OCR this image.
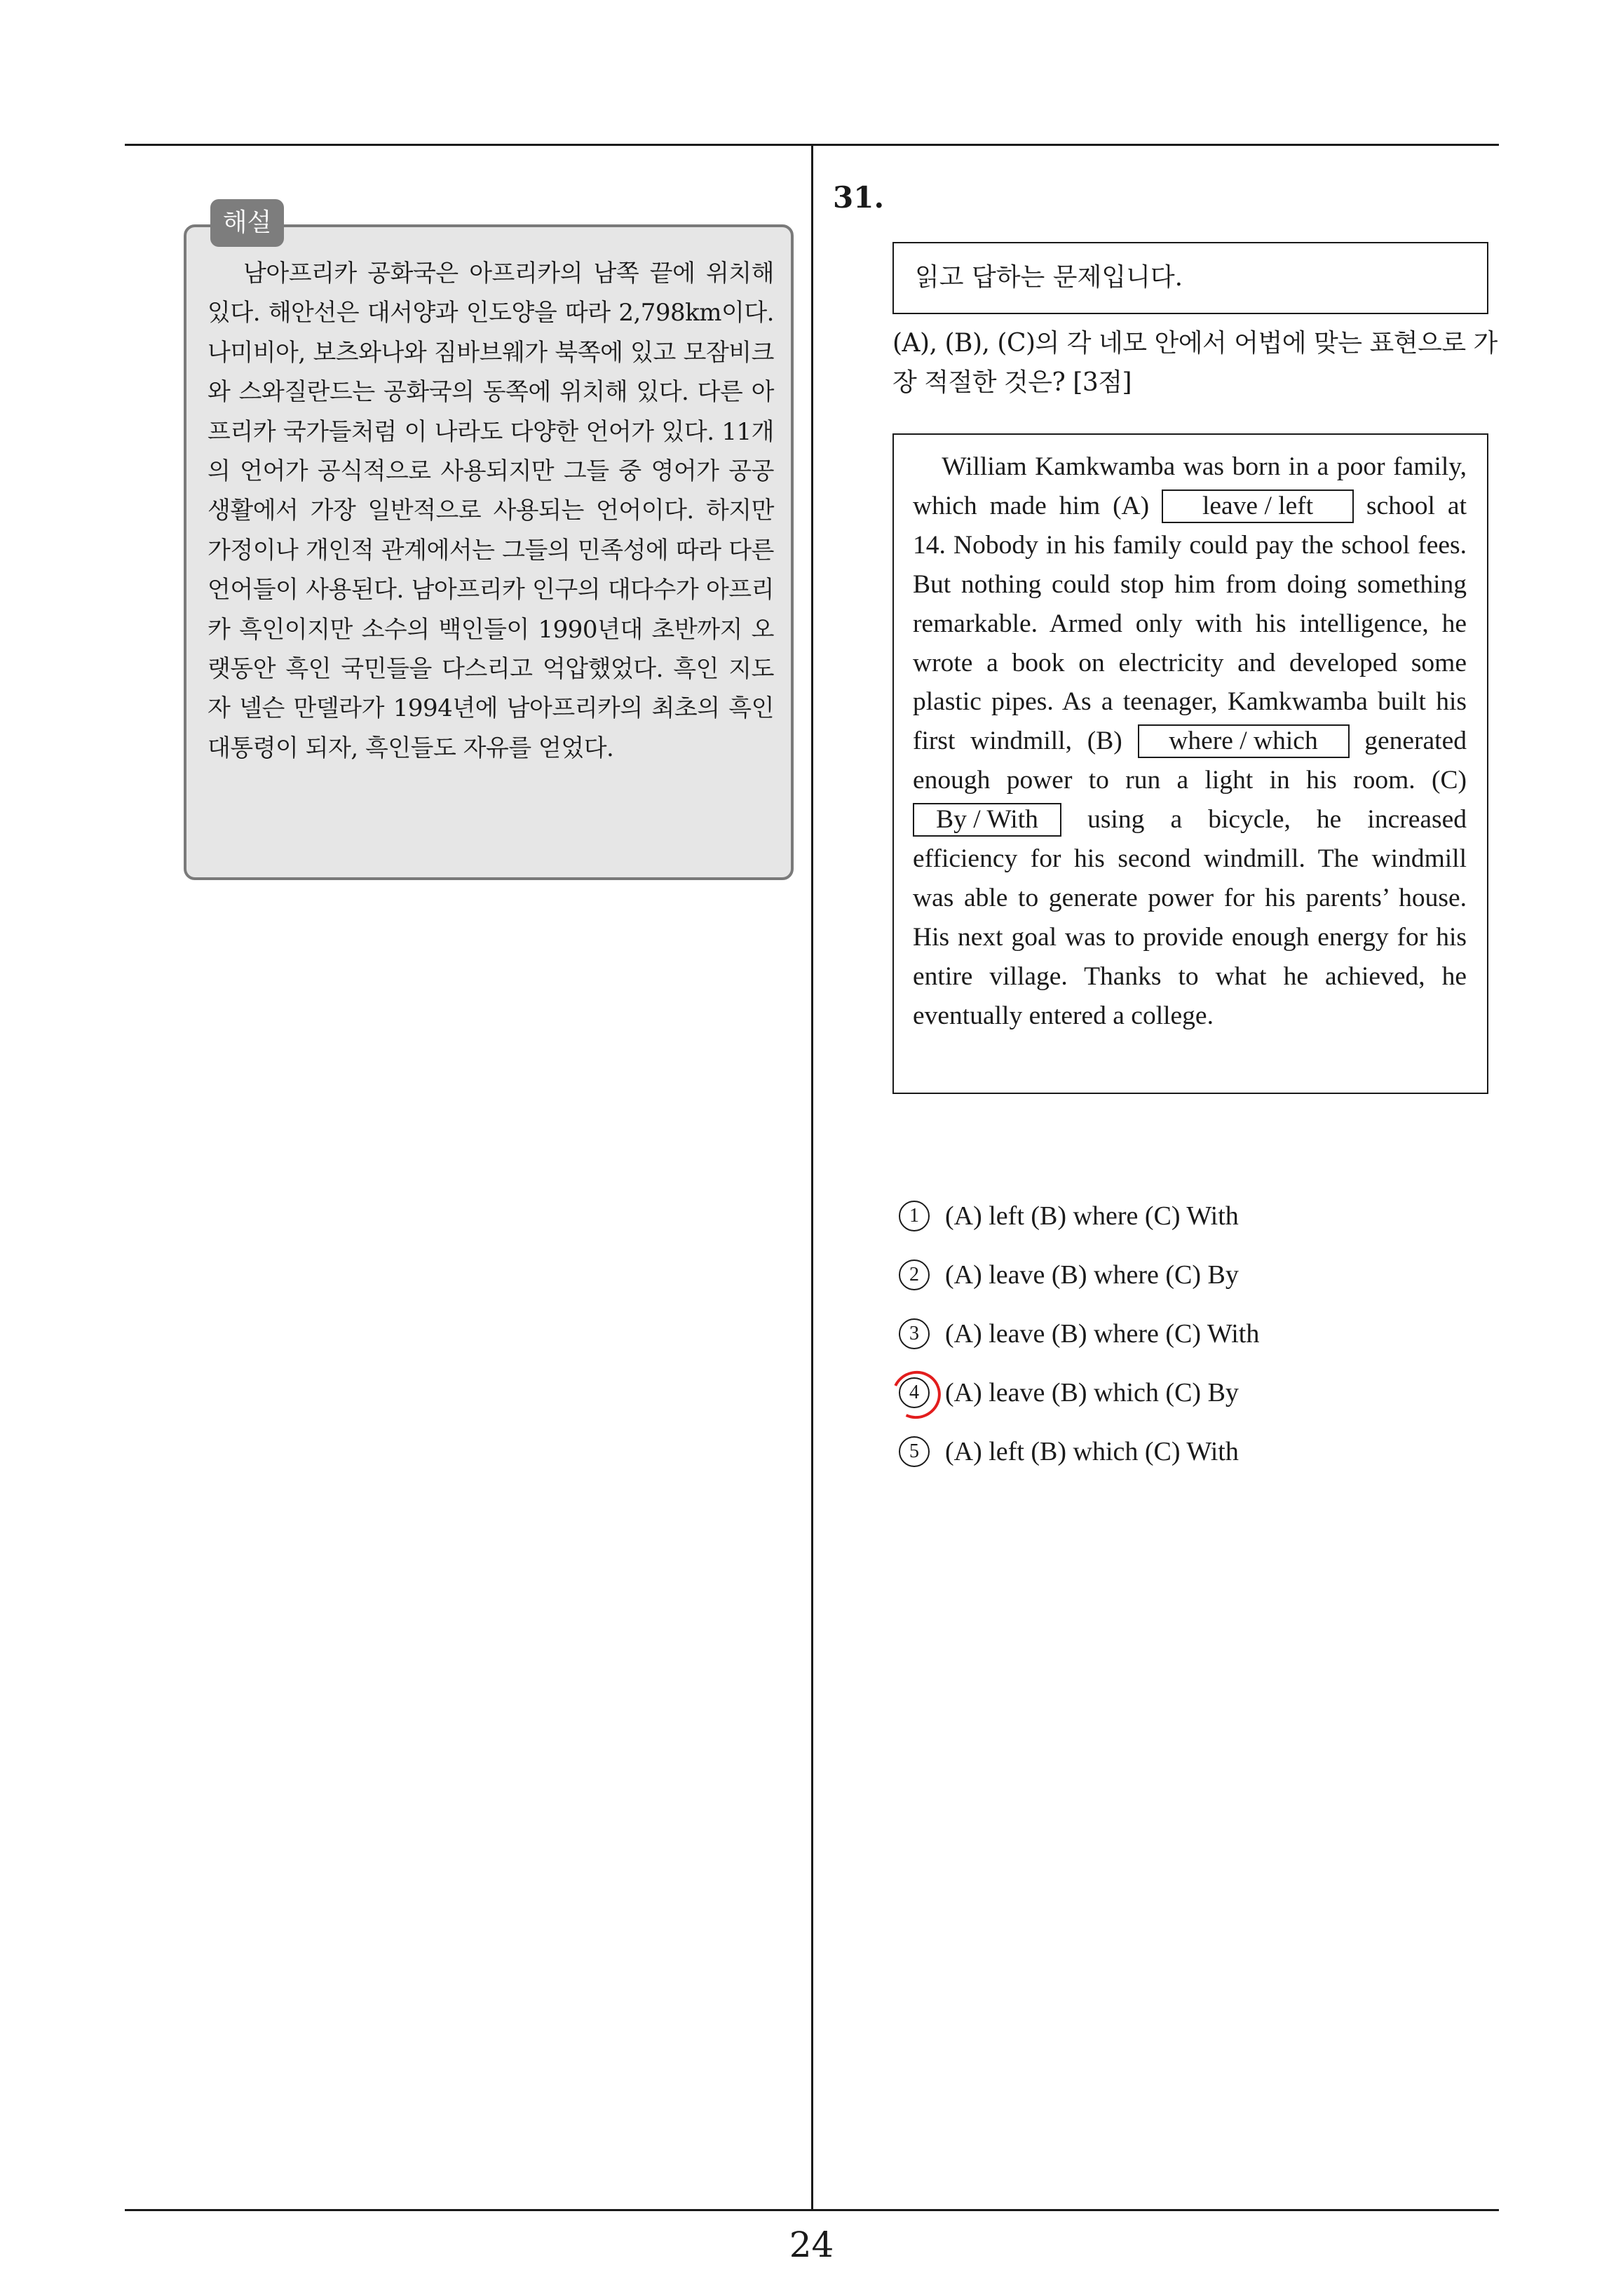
해설

남아프리카 공화국은 아프리카의 남쪽 끝에 위치해 있다. 해안선은 대서양과 인도양을 따라 2,798km이다. 나미비아, 보츠와나와 짐바브웨가 북쪽에 있고 모잠비크와 스와질란드는 공화국의 동쪽에 위치해 있다. 다른 아프리카 국가들처럼 이 나라도 다양한 언어가 있다. 11개의 언어가 공식적으로 사용되지만 그들 중 영어가 공공생활에서 가장 일반적으로 사용되는 언어이다. 하지만 가정이나 개인적 관계에서는 그들의 민족성에 따라 다른 언어들이 사용된다. 남아프리카 인구의 대다수가 아프리카 흑인이지만 소수의 백인들이 1990년대 초반까지 오랫동안 흑인 국민들을 다스리고 억압했었다. 흑인 지도자 넬슨 만델라가 1994년에 남아프리카의 최초의 흑인 대통령이 되자, 흑인들도 자유를 얻었다.

31.
읽고 답하는 문제입니다.

(A), (B), (C)의 각 네모 안에서 어법에 맞는 표현으로 가장 적절한 것은? [3점]

William Kamkwamba was born in a poor family, which made him (A) leave / left school at 14. Nobody in his family could pay the school fees. But nothing could stop him from doing something remarkable. Armed only with his intelligence, he wrote a book on electricity and developed some plastic pipes. As a teenager, Kamkwamba built his first windmill, (B) where / which generated enough power to run a light in his room. (C) By / With using a bicycle, he increased efficiency for his second windmill. The windmill was able to generate power for his parents’ house. His next goal was to provide enough energy for his entire village. Thanks to what he achieved, he eventually entered a college.

1 (A) left (B) where (C) With
2 (A) leave (B) where (C) By
3 (A) leave (B) where (C) With
4 (A) leave (B) which (C) By
5 (A) left (B) which (C) With
24
